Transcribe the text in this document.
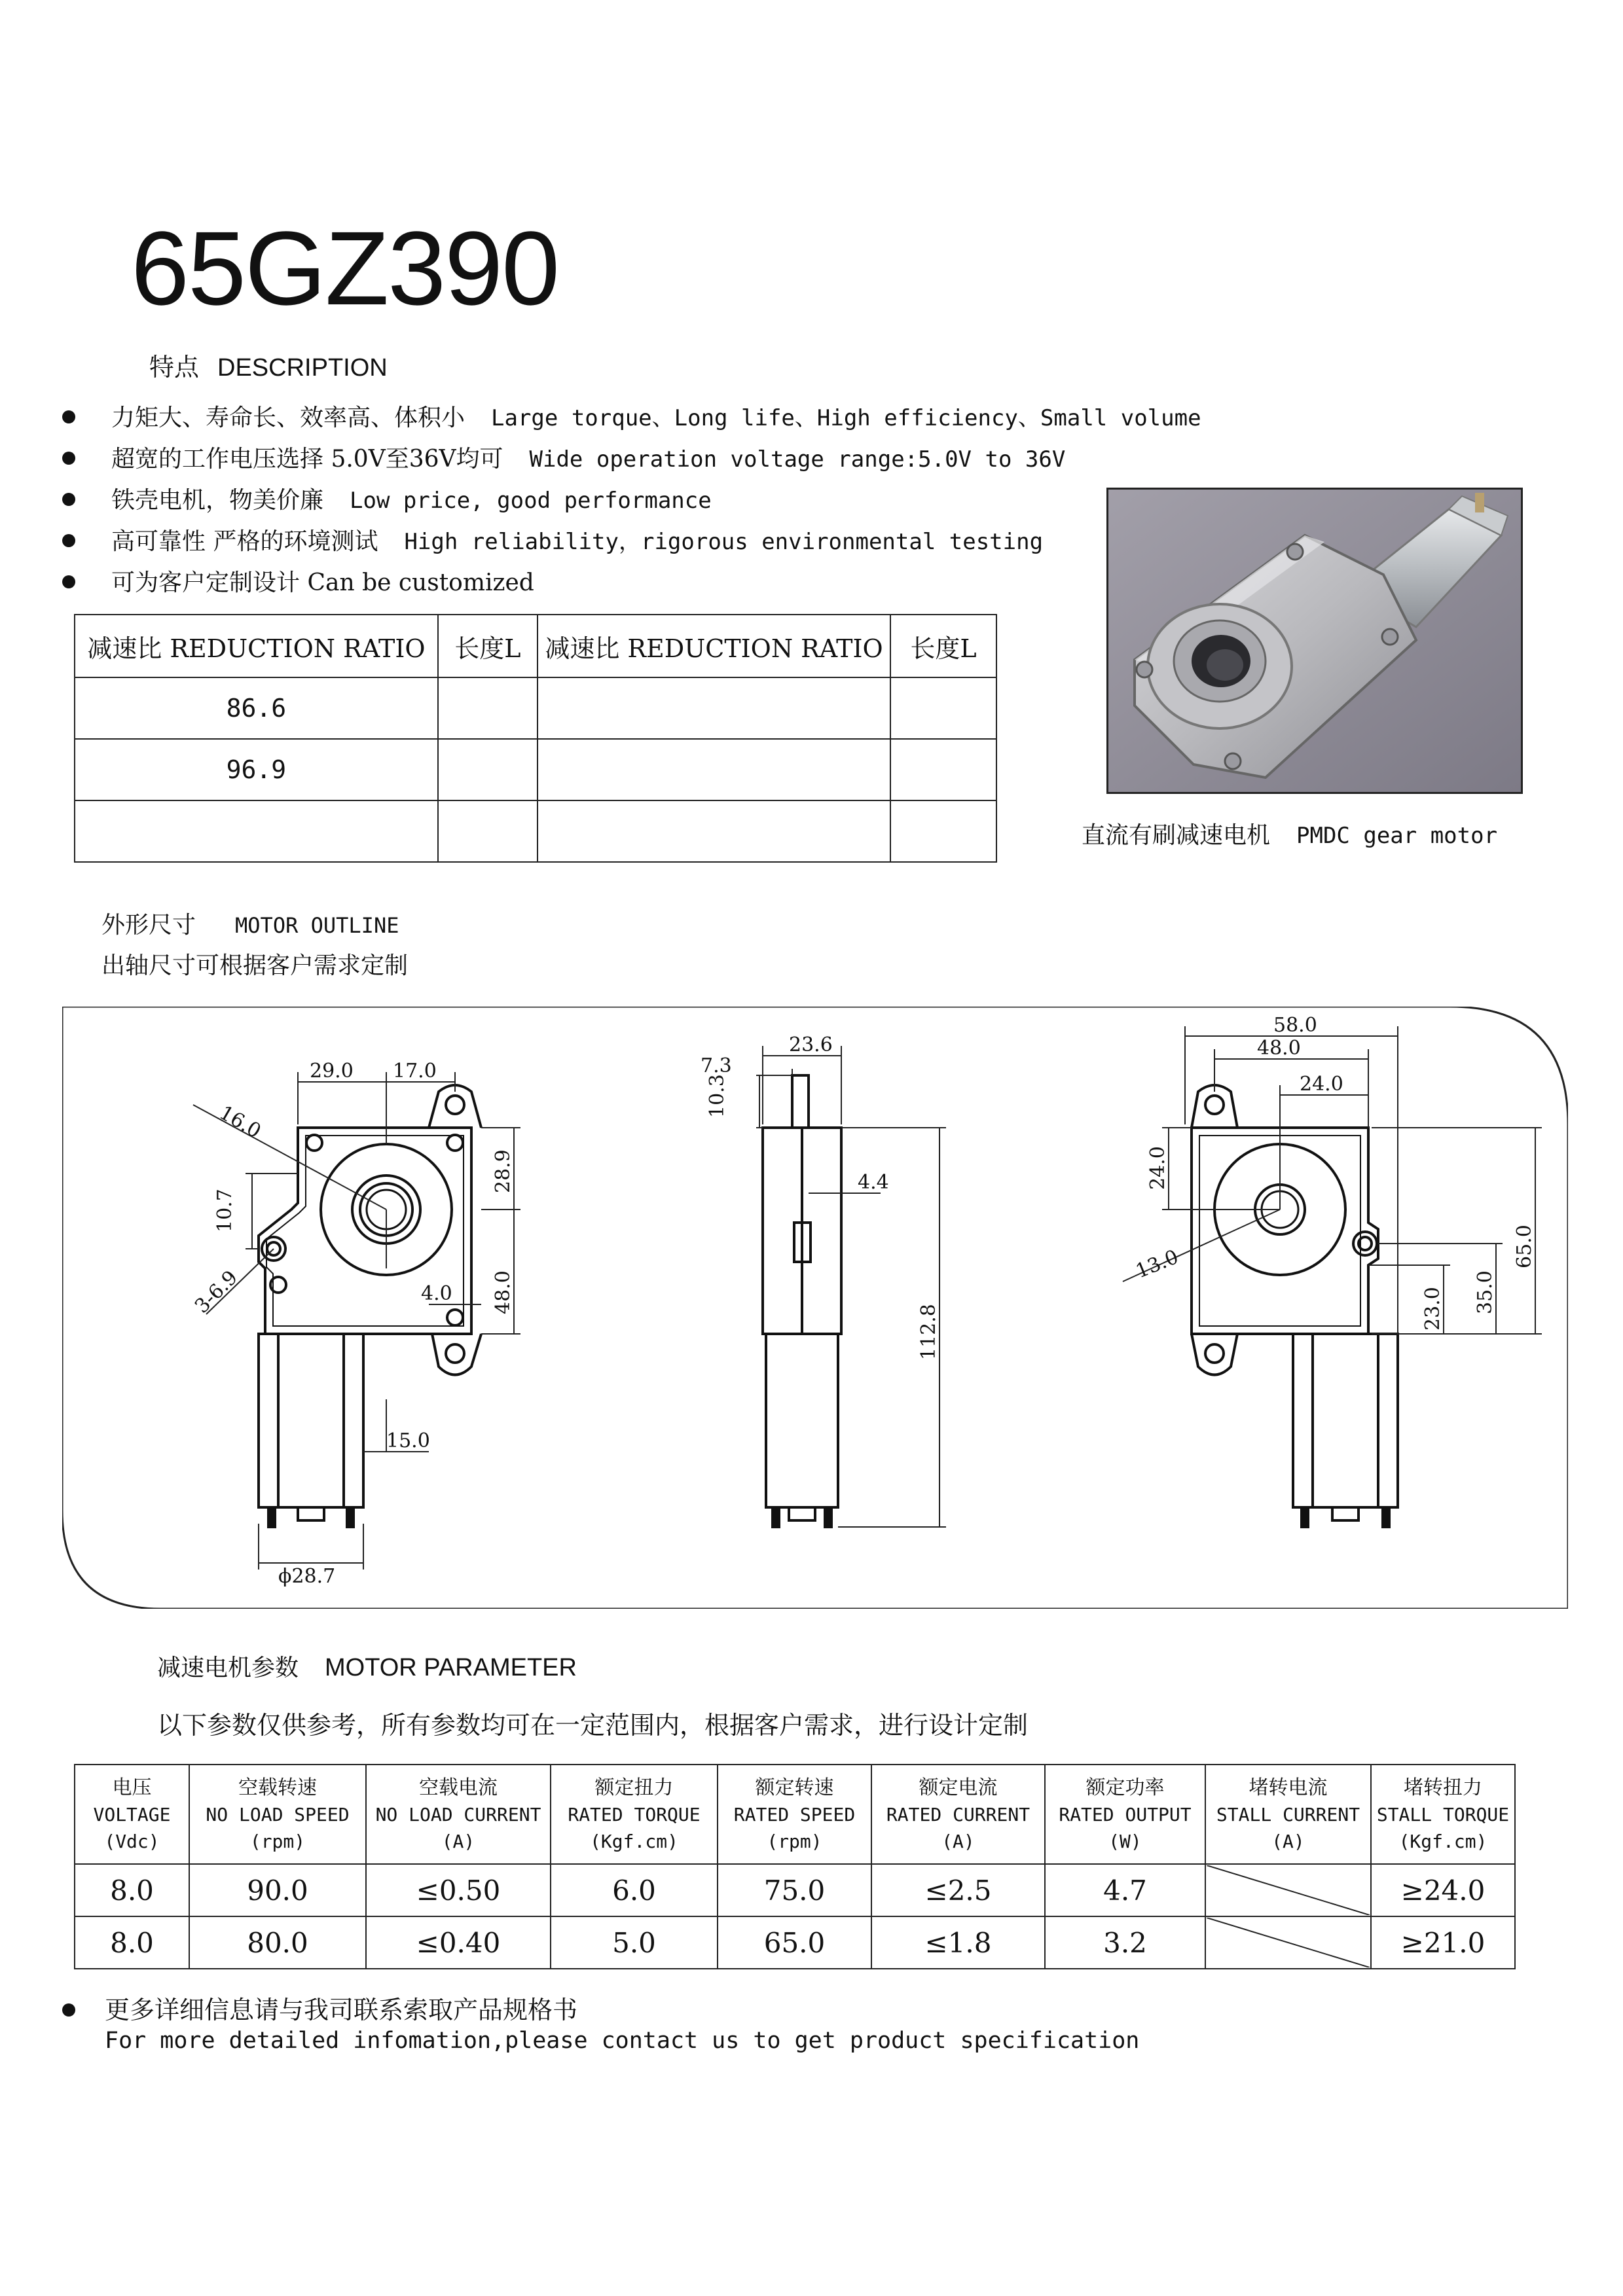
65GZ390
特点 DESCRIPTION
力矩大、寿命长、效率高、体积小 Large torque、Long life、High efficiency、Small volume
超宽的工作电压选择 5.0V至36V均可 Wide operation voltage range:5.0V to 36V
铁壳电机，物美价廉 Low price, good performance
高可靠性 严格的环境测试 High reliability，rigorous environmental testing
可为客户定制设计 Can be customized
减速比 REDUCTION RATIO	长度L	减速比 REDUCTION RATIO	长度L
86.6			
96.9			

直流有刷减速电机 PMDC gear motor
外形尺寸 MOTOR OUTLINE
出轴尺寸可根据客户需求定制
29.0 17.0
16.0
10.7
28.9
3-6.9	4.0 48.0
15.0
ϕ28.7
23.6
7.3
10.3
4.4
112.8
58.0
48.0
24.0
24.0
13.0	65.0
35.0
23.0
减速电机参数 MOTOR PARAMETER
以下参数仅供参考，所有参数均可在一定范围内，根据客户需求，进行设计定制
电压
VOLTAGE
(Vdc)	空载转速
NO LOAD SPEED
(rpm)	空载电流
NO LOAD CURRENT
(A)	额定扭力
RATED TORQUE
(Kgf.cm)	额定转速
RATED SPEED
(rpm)	额定电流
RATED CURRENT
(A)	额定功率
RATED OUTPUT
(W)	堵转电流
STALL CURRENT
(A)	堵转扭力
STALL TORQUE
(Kgf.cm)

8.0	90.0	≤0.50	6.0	75.0	≤2.5	4.7		≥24.0
8.0	80.0	≤0.40	5.0	65.0	≤1.8	3.2		≥21.0
更多详细信息请与我司联系索取产品规格书
For more detailed infomation,please contact us to get product specification
